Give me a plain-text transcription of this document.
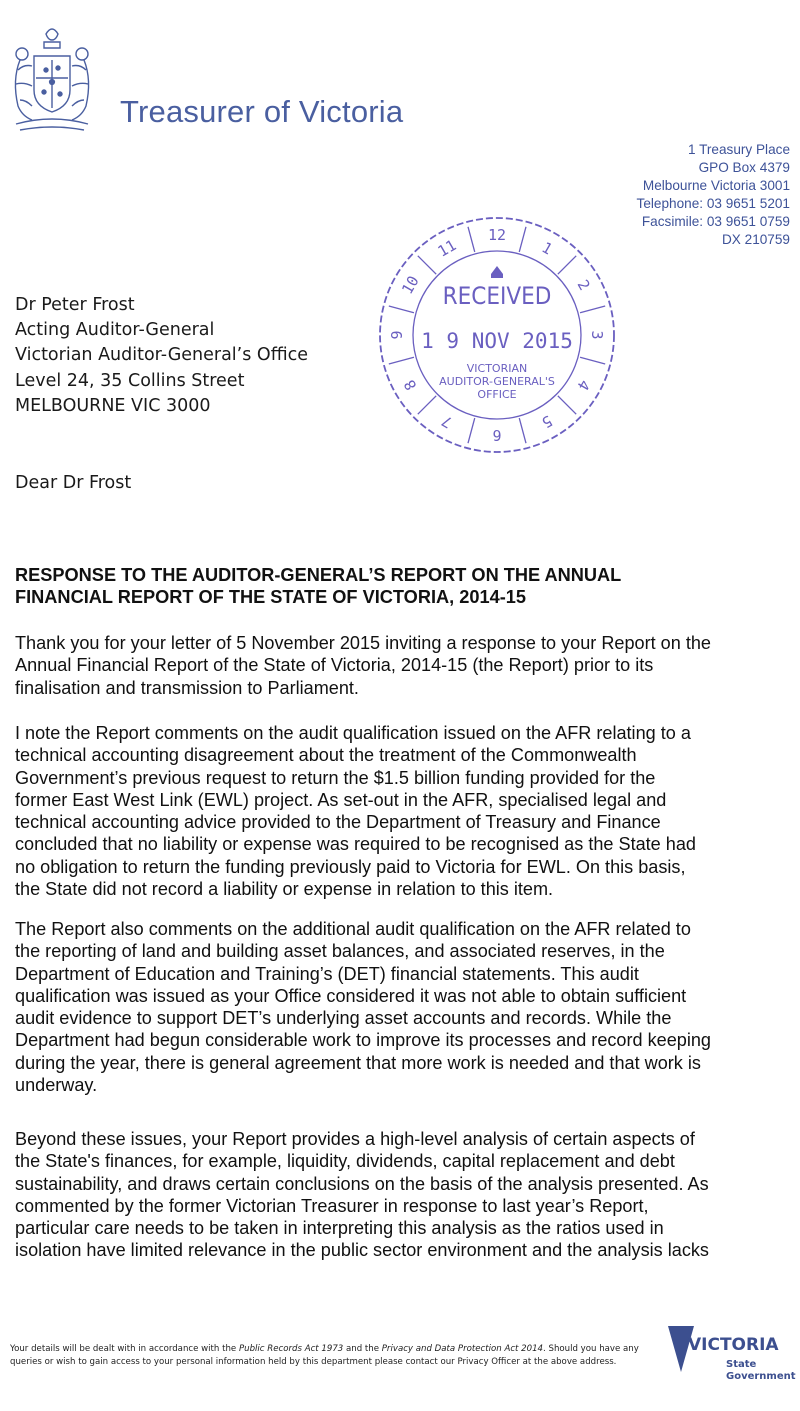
Treasurer of Victoria
1 Treasury Place
GPO Box 4379
Melbourne Victoria 3001
Telephone: 03 9651 5201
Facsimile: 03 9651 0759
DX 210759
12
1
2
3
4
5
6
7
8
9
10
11
RECEIVED
1 9 NOV 2015
VICTORIAN
AUDITOR-GENERAL'S
OFFICE
Dr Peter Frost
Acting Auditor-General
Victorian Auditor-General’s Office
Level 24, 35 Collins Street
MELBOURNE VIC 3000
Dear Dr Frost
RESPONSE TO THE AUDITOR-GENERAL’S REPORT ON THE ANNUAL
FINANCIAL REPORT OF THE STATE OF VICTORIA, 2014-15
Thank you for your letter of 5 November 2015 inviting a response to your Report on the
Annual Financial Report of the State of Victoria, 2014-15 (the Report) prior to its
finalisation and transmission to Parliament.
I note the Report comments on the audit qualification issued on the AFR relating to a
technical accounting disagreement about the treatment of the Commonwealth
Government’s previous request to return the $1.5 billion funding provided for the
former East West Link (EWL) project. As set-out in the AFR, specialised legal and
technical accounting advice provided to the Department of Treasury and Finance
concluded that no liability or expense was required to be recognised as the State had
no obligation to return the funding previously paid to Victoria for EWL. On this basis,
the State did not record a liability or expense in relation to this item.
The Report also comments on the additional audit qualification on the AFR related to
the reporting of land and building asset balances, and associated reserves, in the
Department of Education and Training’s (DET) financial statements. This audit
qualification was issued as your Office considered it was not able to obtain sufficient
audit evidence to support DET’s underlying asset accounts and records. While the
Department had begun considerable work to improve its processes and record keeping
during the year, there is general agreement that more work is needed and that work is
underway.
Beyond these issues, your Report provides a high-level analysis of certain aspects of
the State's finances, for example, liquidity, dividends, capital replacement and debt
sustainability, and draws certain conclusions on the basis of the analysis presented. As
commented by the former Victorian Treasurer in response to last year’s Report,
particular care needs to be taken in interpreting this analysis as the ratios used in
isolation have limited relevance in the public sector environment and the analysis lacks
Your details will be dealt with in accordance with the Public Records Act 1973 and the Privacy and Data Protection Act 2014. Should you have any queries or wish to gain access to your personal information held by this department please contact our Privacy Officer at the above address.
VICTORIA
State
Government
